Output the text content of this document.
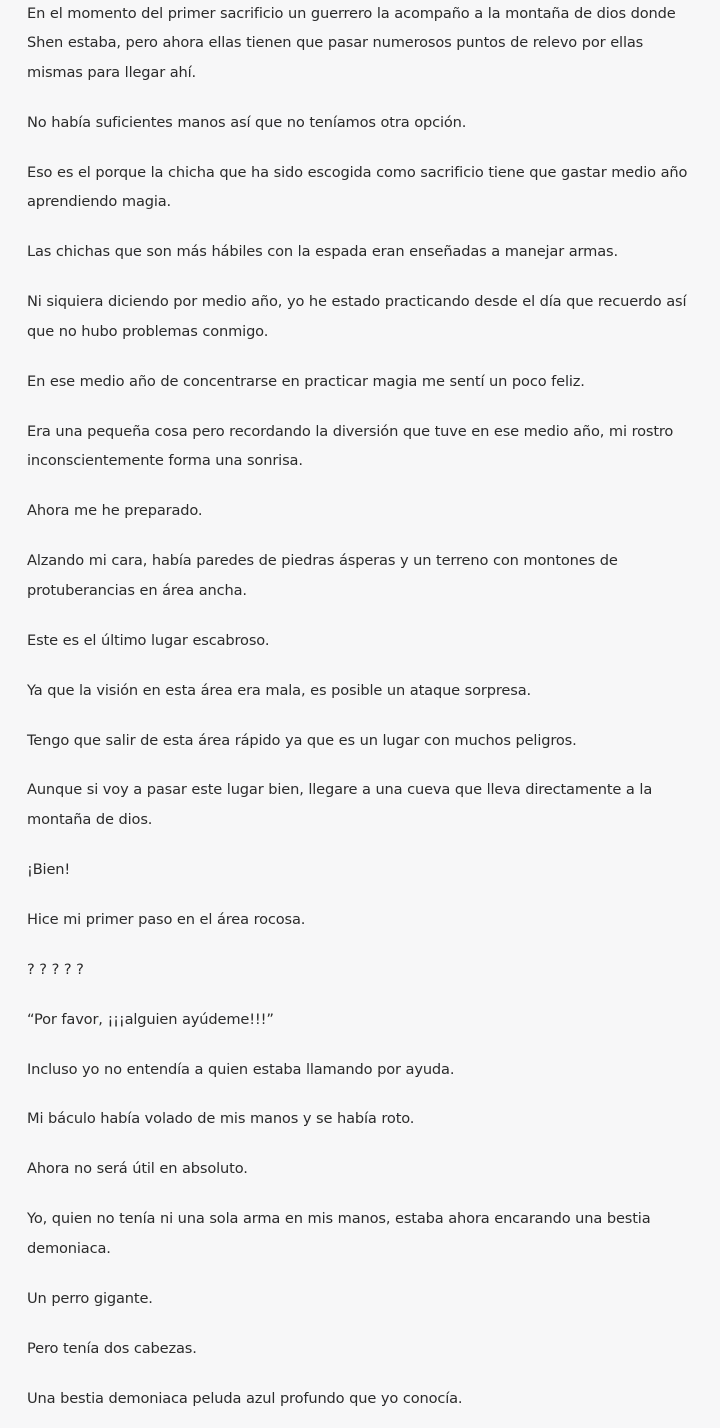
En el momento del primer sacrificio un guerrero la acompaño a la montaña de dios donde Shen estaba, pero ahora ellas tienen que pasar numerosos puntos de relevo por ellas mismas para llegar ahí.

No había suficientes manos así que no teníamos otra opción.

Eso es el porque la chicha que ha sido escogida como sacrificio tiene que gastar medio año aprendiendo magia.

Las chichas que son más hábiles con la espada eran enseñadas a manejar armas.

Ni siquiera diciendo por medio año, yo he estado practicando desde el día que recuerdo así que no hubo problemas conmigo.

En ese medio año de concentrarse en practicar magia me sentí un poco feliz.

Era una pequeña cosa pero recordando la diversión que tuve en ese medio año, mi rostro inconscientemente forma una sonrisa.

Ahora me he preparado.

Alzando mi cara, había paredes de piedras ásperas y un terreno con montones de protuberancias en área ancha.

Este es el último lugar escabroso.

Ya que la visión en esta área era mala, es posible un ataque sorpresa.

Tengo que salir de esta área rápido ya que es un lugar con muchos peligros.

Aunque si voy a pasar este lugar bien, llegare a una cueva que lleva directamente a la montaña de dios.

¡Bien!

Hice mi primer paso en el área rocosa.

? ? ? ? ?

“Por favor, ¡¡¡alguien ayúdeme!!!”

Incluso yo no entendía a quien estaba llamando por ayuda.

Mi báculo había volado de mis manos y se había roto.

Ahora no será útil en absoluto.

Yo, quien no tenía ni una sola arma en mis manos, estaba ahora encarando una bestia demoniaca.

Un perro gigante.

Pero tenía dos cabezas.

Una bestia demoniaca peluda azul profundo que yo conocía.
